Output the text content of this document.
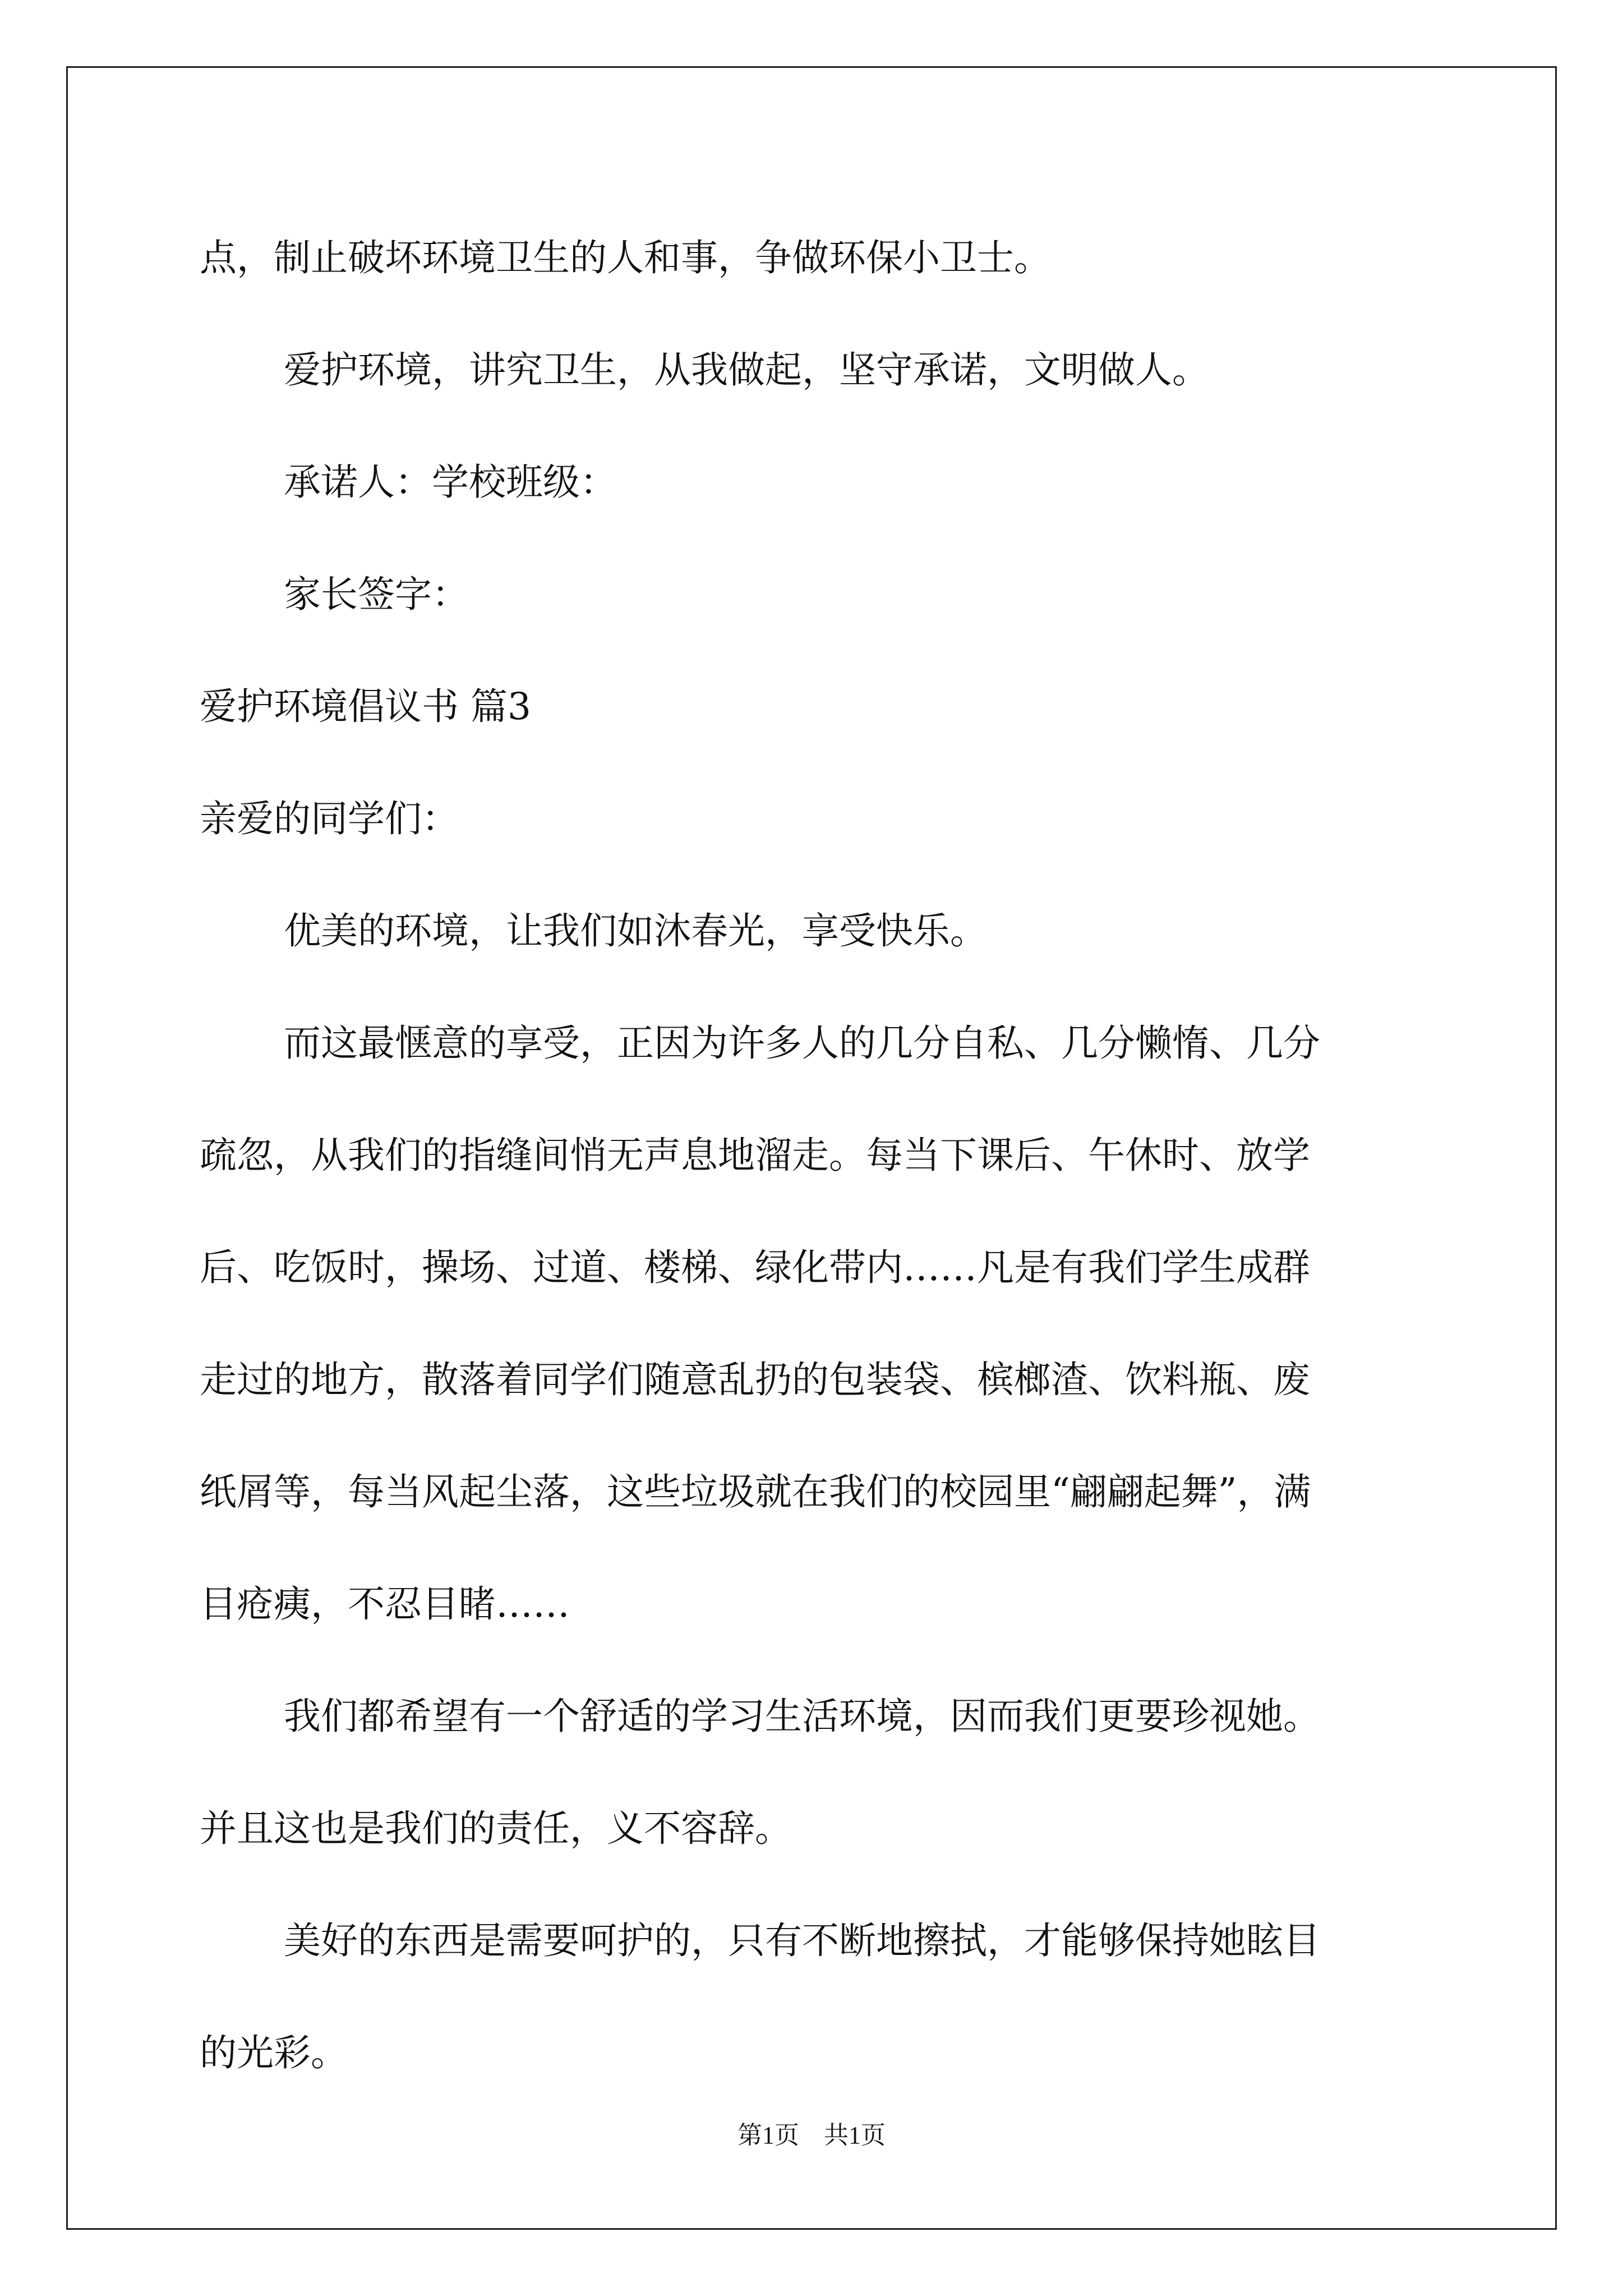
点，制止破坏环境卫生的人和事，争做环保小卫士。

爱护环境，讲究卫生，从我做起，坚守承诺，文明做人。

承诺人：学校班级：

家长签字：

爱护环境倡议书 篇3

亲爱的同学们：

优美的环境，让我们如沐春光，享受快乐。

而这最惬意的享受，正因为许多人的几分自私、几分懒惰、几分

疏忽，从我们的指缝间悄无声息地溜走。每当下课后、午休时、放学

后、吃饭时，操场、过道、楼梯、绿化带内……凡是有我们学生成群

走过的地方，散落着同学们随意乱扔的包装袋、槟榔渣、饮料瓶、废

纸屑等，每当风起尘落，这些垃圾就在我们的校园里“翩翩起舞”，满

目疮痍，不忍目睹……

我们都希望有一个舒适的学习生活环境，因而我们更要珍视她。

并且这也是我们的责任，义不容辞。

美好的东西是需要呵护的，只有不断地擦拭，才能够保持她眩目

的光彩。

第1页　共1页
